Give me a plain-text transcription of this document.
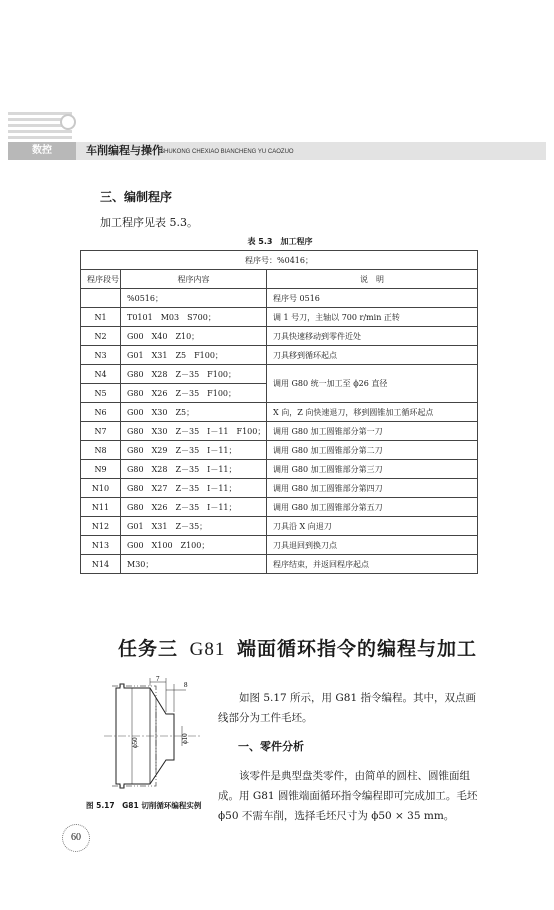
数控	车削编程与操作
SHUKONG CHEXIAO BIANCHENG YU CAOZUO
三、编制程序
加工程序见表 5.3。
表 5.3　加工程序
程序号：%0416；		
程序段号	程序内容	说　明
	%0516；	程序号 0516
N1	T0101　M03　S700；	调 1 号刀，主轴以 700 r/min 正转
N2	G00　X40　Z10；	刀具快速移动到零件近处
N3	G01　X31　Z5　F100；	刀具移到循环起点
N4	G80　X28　Z－35　F100；	调用 G80 统一加工至 ϕ26 直径
N5	G80　X26　Z－35　F100；	
N6	G00　X30　Z5；	X 向，Z 向快速退刀，移到圆锥加工循环起点
N7	G80　X30　Z－35　I－11　F100；	调用 G80 加工圆锥部分第一刀
N8	G80　X29　Z－35　I－11；	调用 G80 加工圆锥部分第二刀
N9	G80　X28　Z－35　I－11；	调用 G80 加工圆锥部分第三刀
N10	G80　X27　Z－35　I－11；	调用 G80 加工圆锥部分第四刀
N11	G80　X26　Z－35　I－11；	调用 G80 加工圆锥部分第五刀
N12	G01　X31　Z－35；	刀具沿 X 向退刀
N13	G00　X100　Z100；	刀具退回到换刀点
N14	M30；	程序结束，并返回程序起点
任务三 G81 端面循环指令的编程与加工
7
8
ϕ50	ϕ10
图 5.17　G81 切削循环编程实例
如图 5.17 所示，用 G81 指令编程。其中，双点画线部分为工件毛坯。
一、零件分析
该零件是典型盘类零件，由简单的圆柱、圆锥面组成。用 G81 圆锥端面循环指令编程即可完成加工。毛坯 ϕ50 不需车削，选择毛坯尺寸为 ϕ50 × 35 mm。
60
